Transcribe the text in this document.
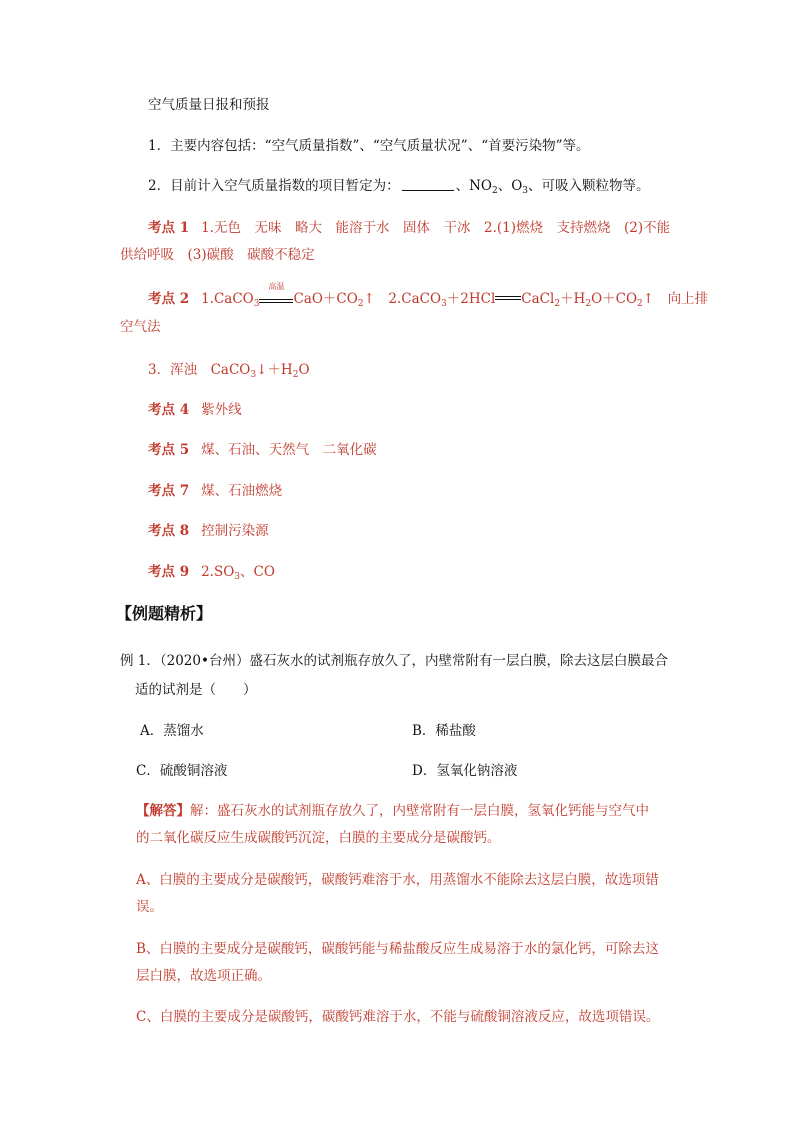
空气质量日报和预报
1．主要内容包括：“空气质量指数”、“空气质量状况”、“首要污染物”等。
2．目前计入空气质量指数的项目暂定为：	、$NO_2$、$O_3$、可吸入颗粒物等。
考点 1 1.无色　无味　略大　能溶于水　固体　干冰　2.(1)燃烧　支持燃烧　(2)不能
供给呼吸　(3)碳酸　碳酸不稳定
考点 2 1.CaCO$_3$
高温
$CaO+CO_2↑$　2.CaCO$_3$＋2HCl $CaCl_2+H_2O+CO_2↑$　向上排
空气法
3．浑浊　$CaCO_3↓+H_2O$
考点 4 紫外线
考点 5 煤、石油、天然气　二氧化碳
考点 7 煤、石油燃烧
考点 8 控制污染源
考点 9 $2.SO_3$、CO
【例题精析】
例 1．（2020•台州）盛石灰水的试剂瓶存放久了，内壁常附有一层白膜，除去这层白膜最合
适的试剂是（　　）
A．蒸馏水	B．稀盐酸
C．硫酸铜溶液	D．氢氧化钠溶液
【解答】解：盛石灰水的试剂瓶存放久了，内壁常附有一层白膜，氢氧化钙能与空气中
的二氧化碳反应生成碳酸钙沉淀，白膜的主要成分是碳酸钙。
A、白膜的主要成分是碳酸钙，碳酸钙难溶于水，用蒸馏水不能除去这层白膜，故选项错
误。
B、白膜的主要成分是碳酸钙，碳酸钙能与稀盐酸反应生成易溶于水的氯化钙，可除去这
层白膜，故选项正确。
C、白膜的主要成分是碳酸钙，碳酸钙难溶于水，不能与硫酸铜溶液反应，故选项错误。
